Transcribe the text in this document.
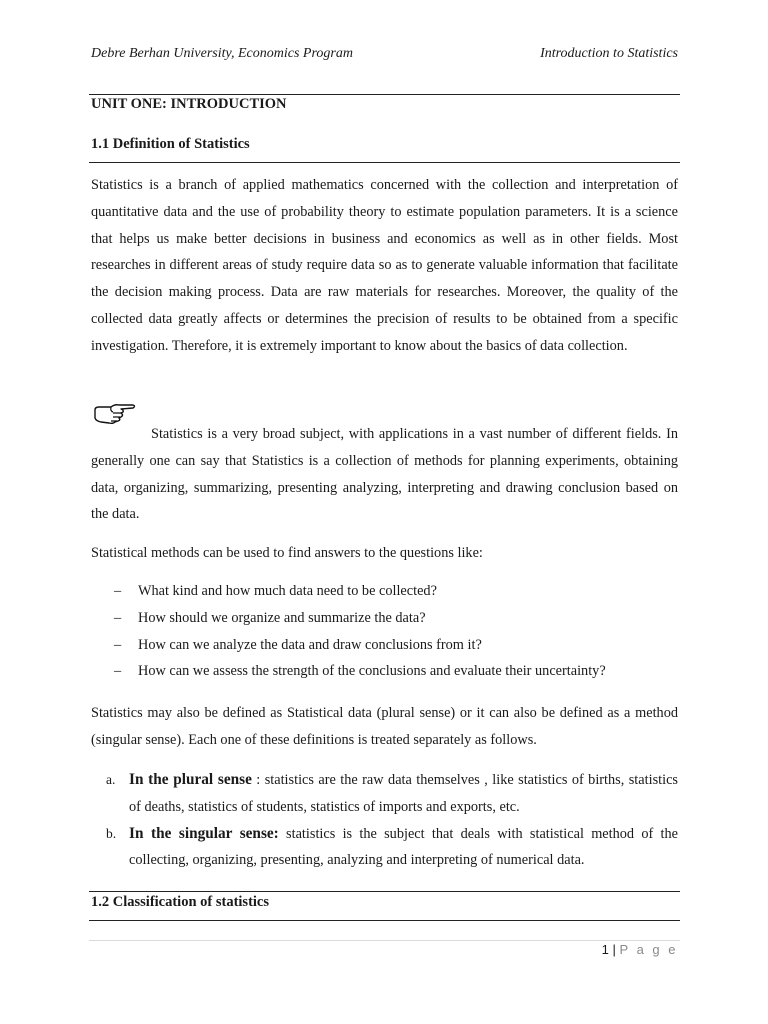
Debre Berhan University, Economics Program	Introduction to Statistics
UNIT ONE: INTRODUCTION
1.1 Definition of Statistics

Statistics is a branch of applied mathematics concerned with the collection and interpretation of quantitative data and the use of probability theory to estimate population parameters. It is a science that helps us make better decisions in business and economics as well as in other fields. Most researches in different areas of study require data so as to generate valuable information that facilitate the decision making process. Data are raw materials for researches. Moreover, the quality of the collected data greatly affects or determines the precision of results to be obtained from a specific investigation. Therefore, it is extremely important to know about the basics of data collection.

Statistics is a very broad subject, with applications in a vast number of different fields. In generally one can say that Statistics is a collection of methods for planning experiments, obtaining data, organizing, summarizing, presenting analyzing, interpreting and drawing conclusion based on the data.

Statistical methods can be used to find answers to the questions like:

– What kind and how much data need to be collected?
– How should we organize and summarize the data?
– How can we analyze the data and draw conclusions from it?
– How can we assess the strength of the conclusions and evaluate their uncertainty?

Statistics may also be defined as Statistical data (plural sense) or it can also be defined as a method (singular sense). Each one of these definitions is treated separately as follows.

a. In the plural sense : statistics are the raw data themselves , like statistics of births, statistics of deaths, statistics of students, statistics of imports and exports, etc.
b. In the singular sense: statistics is the subject that deals with statistical method of the collecting, organizing, presenting, analyzing and interpreting of numerical data.
1.2 Classification of statistics
1 | P a g e
